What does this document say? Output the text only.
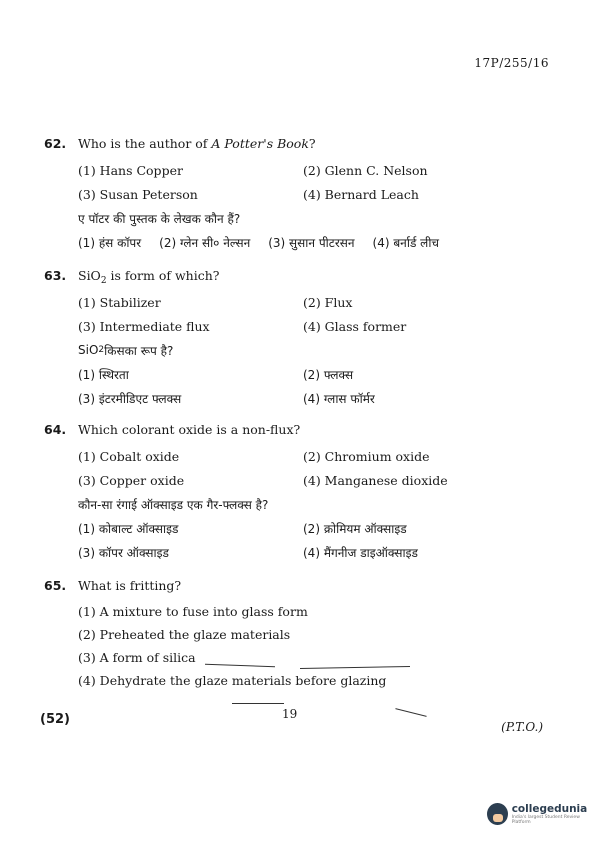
17P/255/16
62. Who is the author of A Potter's Book?
(1) Hans Copper	(2) Glenn C. Nelson
(3) Susan Peterson	(4) Bernard Leach
ए पॉटर की पुस्तक के लेखक कौन हैं?
(1) हंस कॉपर (2) ग्लेन सी० नेल्सन (3) सुसान पीटरसन (4) बर्नार्ड लीच
63. SiO$_2$ is form of which?
(1) Stabilizer	(2) Flux
(3) Intermediate flux	(4) Glass former
SiO 2 किसका रूप है?
(1) स्थिरता	(2) फ्लक्स
(3) इंटरमीडिएट फ्लक्स	(4) ग्लास फॉर्मर
64. Which colorant oxide is a non-flux?
(1) Cobalt oxide	(2) Chromium oxide
(3) Copper oxide	(4) Manganese dioxide
कौन-सा रंगाई ऑक्साइड एक गैर-फ्लक्स है?
(1) कोबाल्ट ऑक्साइड	(2) क्रोमियम ऑक्साइड
(3) कॉपर ऑक्साइड	(4) मैंगनीज डाइऑक्साइड
65. What is fritting?
(1) A mixture to fuse into glass form
(2) Preheated the glaze materials
(3) A form of silica
(4) Dehydrate the glaze materials before glazing
(52)	19
(P.T.O.)
collegedunia
India's largest Student Review Platform
